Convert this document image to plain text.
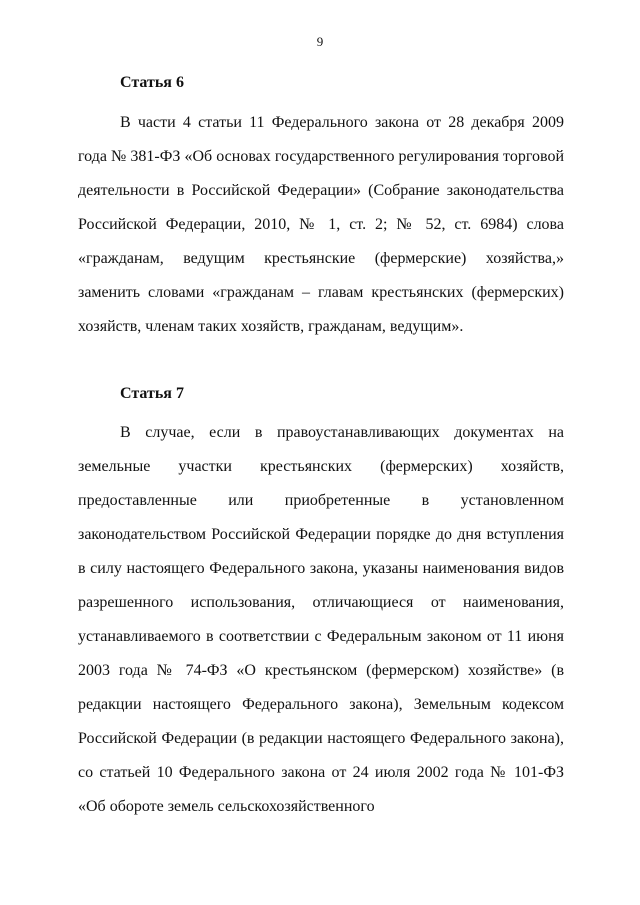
9
Статья 6

В части 4 статьи 11 Федерального закона от 28 декабря 2009 года № 381-ФЗ «Об основах государственного регулирования торговой деятельности в Российской Федерации» (Собрание законодательства Российской Федерации, 2010, № 1, ст. 2; № 52, ст. 6984) слова «гражданам, ведущим крестьянские (фермерские) хозяйства,» заменить словами «гражданам – главам крестьянских (фермерских) хозяйств, членам таких хозяйств, гражданам, ведущим».

Статья 7

В случае, если в правоустанавливающих документах на земельные участки крестьянских (фермерских) хозяйств, предоставленные или приобретенные в установленном законодательством Российской Федерации порядке до дня вступления в силу настоящего Федерального закона, указаны наименования видов разрешенного использования, отличающиеся от наименования, устанавливаемого в соответствии с Федеральным законом от 11 июня 2003 года № 74-ФЗ «О крестьянском (фермерском) хозяйстве» (в редакции настоящего Федерального закона), Земельным кодексом Российской Федерации (в редакции настоящего Федерального закона), со статьей 10 Федерального закона от 24 июля 2002 года № 101-ФЗ «Об обороте земель сельскохозяйственного
